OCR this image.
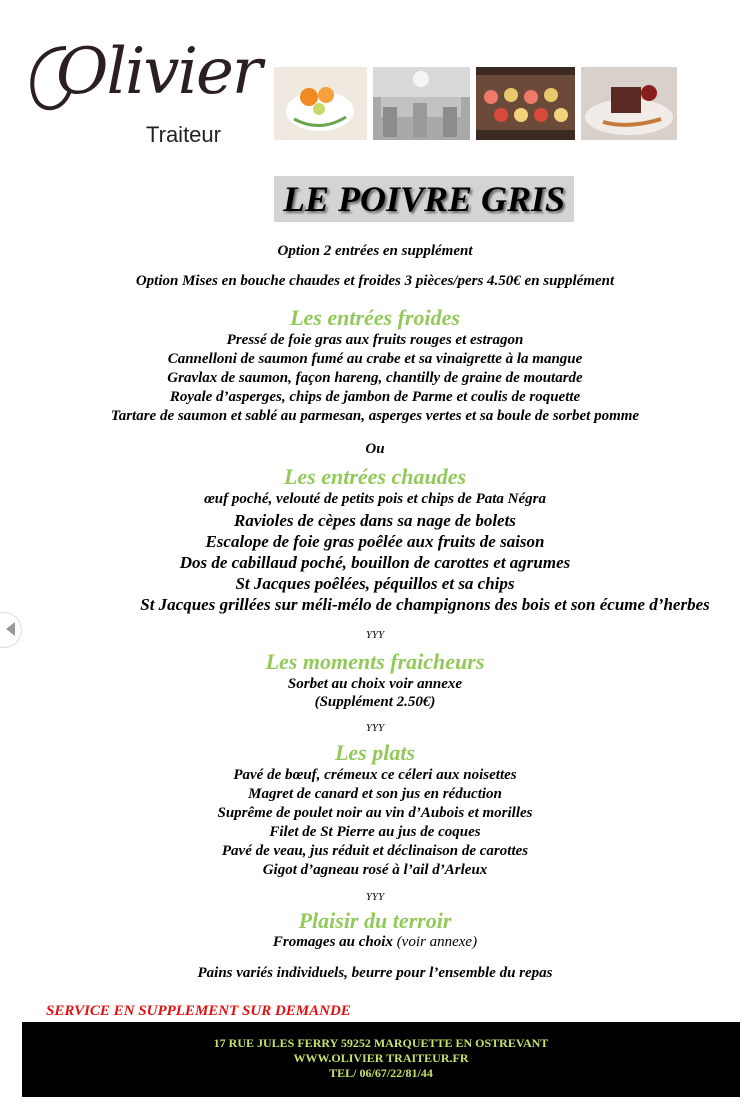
Olivier
Traiteur
LE POIVRE GRIS
Option 2 entrées en supplément
Option Mises en bouche chaudes et froides 3 pièces/pers 4.50€ en supplément
Les entrées froides
Pressé de foie gras aux fruits rouges et estragon
Cannelloni de saumon fumé au crabe et sa vinaigrette à la mangue
Gravlax de saumon, façon hareng, chantilly de graine de moutarde
Royale d’asperges, chips de jambon de Parme et coulis de roquette
Tartare de saumon et sablé au parmesan, asperges vertes et sa boule de sorbet pomme
Ou
Les entrées chaudes
œuf poché, velouté de petits pois et chips de Pata Négra
Ravioles de cèpes dans sa nage de bolets
Escalope de foie gras poêlée aux fruits de saison
Dos de cabillaud poché, bouillon de carottes et agrumes
St Jacques poêlées, péquillos et sa chips
St Jacques grillées sur méli-mélo de champignons des bois et son écume d’herbes
YYY
Les moments fraicheurs
Sorbet au choix voir annexe
(Supplément 2.50€)
YYY
Les plats
Pavé de bœuf, crémeux ce céleri aux noisettes
Magret de canard et son jus en réduction
Suprême de poulet noir au vin d’Aubois et morilles
Filet de St Pierre au jus de coques
Pavé de veau, jus réduit et déclinaison de carottes
Gigot d’agneau rosé à l’ail d’Arleux
YYY
Plaisir du terroir
Fromages au choix (voir annexe)
Pains variés individuels, beurre pour l’ensemble du repas
SERVICE EN SUPPLEMENT SUR DEMANDE
17 RUE JULES FERRY 59252 MARQUETTE EN OSTREVANT
WWW.OLIVIER TRAITEUR.FR
TEL/ 06/67/22/81/44
